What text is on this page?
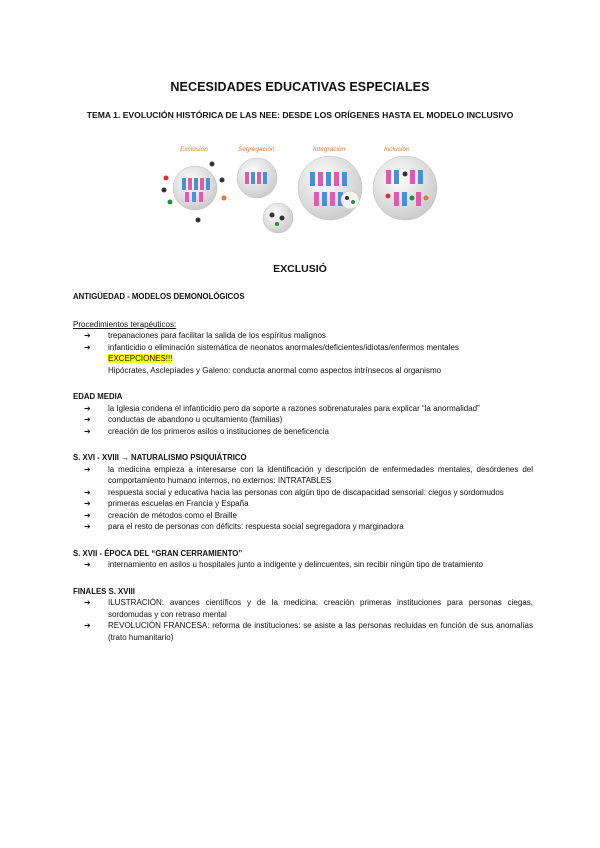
NECESIDADES EDUCATIVAS ESPECIALES
TEMA 1. EVOLUCIÓN HISTÓRICA DE LAS NEE: DESDE LOS ORÍGENES HASTA EL MODELO INCLUSIVO
Exclusión	Segregación	Integración	Inclusión
EXCLUSIÓ

ANTIGÜEDAD - MODELOS DEMONOLÓGICOS

Procedimientos terapéuticos:

➔ trepanaciones para facilitar la salida de los espíritus malignos
➔ infanticidio o eliminación sistemática de neonatos anormales/deficientes/idiotas/enfermos mentales

EXCEPCIONES!!!

Hipócrates, Asclepíades y Galeno: conducta anormal como aspectos intrínsecos al organismo

EDAD MEDIA

➔ la Iglesia condena el infanticidio pero da soporte a razones sobrenaturales para explicar “la anormalidad”
➔ conductas de abandono u ocultamiento (familias)
➔ creación de los primeros asilos o instituciones de beneficencia

S. XVI - XVIII → NATURALISMO PSIQUIÁTRICO

➔ la medicina empieza a interesarse con la identificación y descripción de enfermedades mentales, desórdenes del comportamiento humano internos, no externos: INTRATABLES
➔ respuesta social y educativa hacia las personas con algún tipo de discapacidad sensorial: ciegos y sordomudos
➔ primeras escuelas en Francia y España
➔ creación de métodos como el Braille
➔ para el resto de personas con déficits: respuesta social segregadora y marginadora

S. XVII - ÉPOCA DEL “GRAN CERRAMIENTO”

➔ internamiento en asilos u hospitales junto a indigente y delincuentes, sin recibir ningún tipo de tratamiento

FINALES S. XVIII

➔ ILUSTRACIÓN: avances científicos y de la medicina: creación primeras instituciones para personas ciegas, sordomudas y con retraso mental
➔ REVOLUCIÓN FRANCESA: reforma de instituciones: se asiste a las personas recluidas en función de sus anomalías (trato humanitario)
